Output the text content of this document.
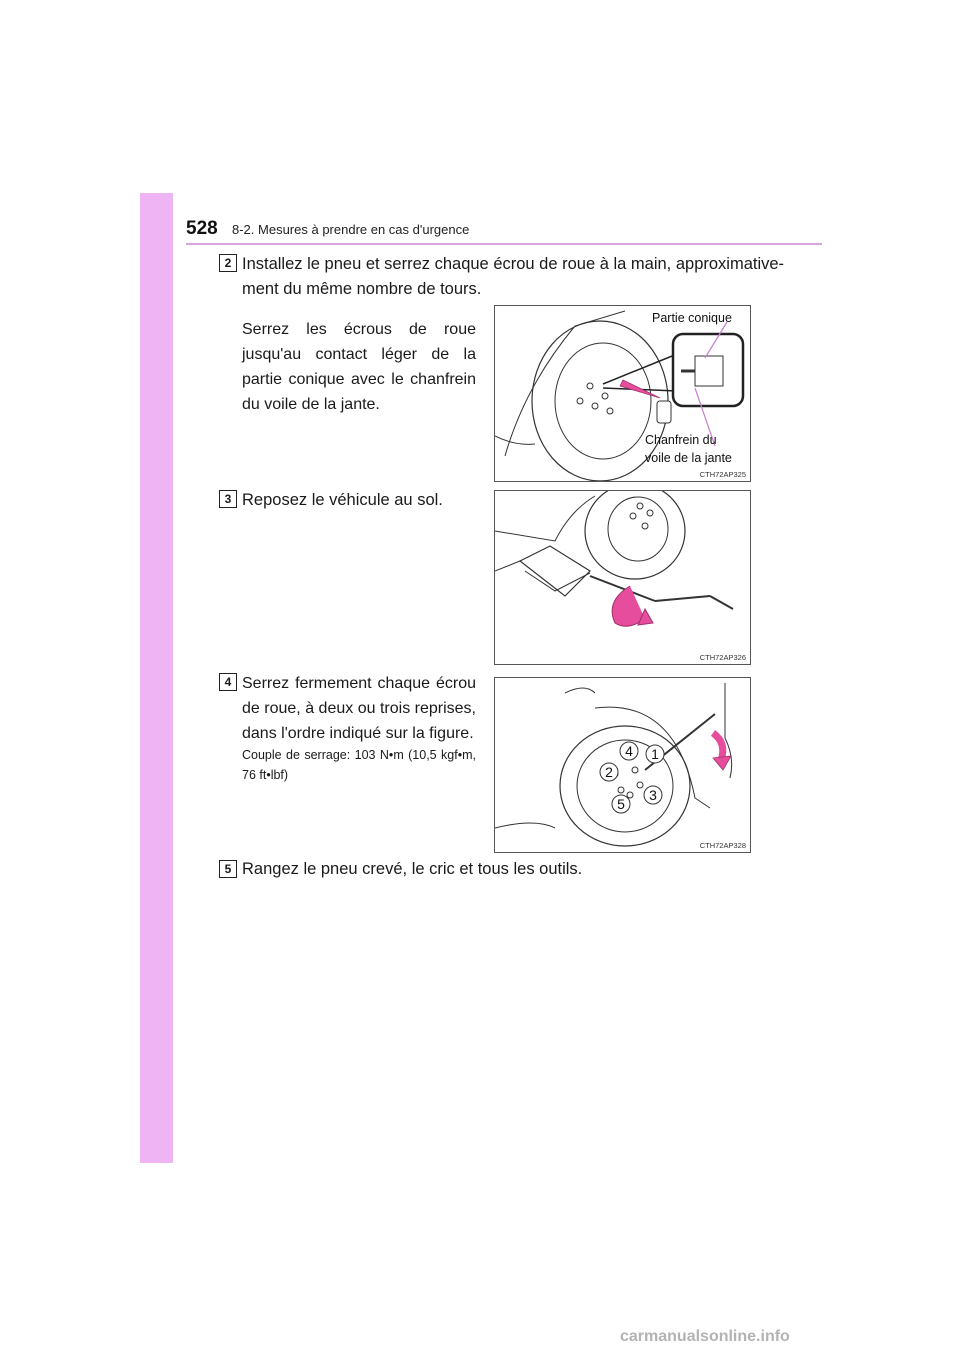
528 8-2. Mesures à prendre en cas d'urgence
2 Installez le pneu et serrez chaque écrou de roue à la main, approximative-
ment du même nombre de tours.
Serrez les écrous de roue jusqu'au contact léger de la partie conique avec le chanfrein du voile de la jante.
Partie conique
Chanfrein du
voile de la jante
CTH72AP325
3 Reposez le véhicule au sol.
CTH72AP326
4 Serrez fermement chaque écrou de roue, à deux ou trois reprises, dans l'ordre indiqué sur la figure.
Couple de serrage: 103 N•m (10,5 kgf•m, 76 ft•lbf)
1
2
3
4
5
CTH72AP328
5 Rangez le pneu crevé, le cric et tous les outils.
carmanualsonline.info
